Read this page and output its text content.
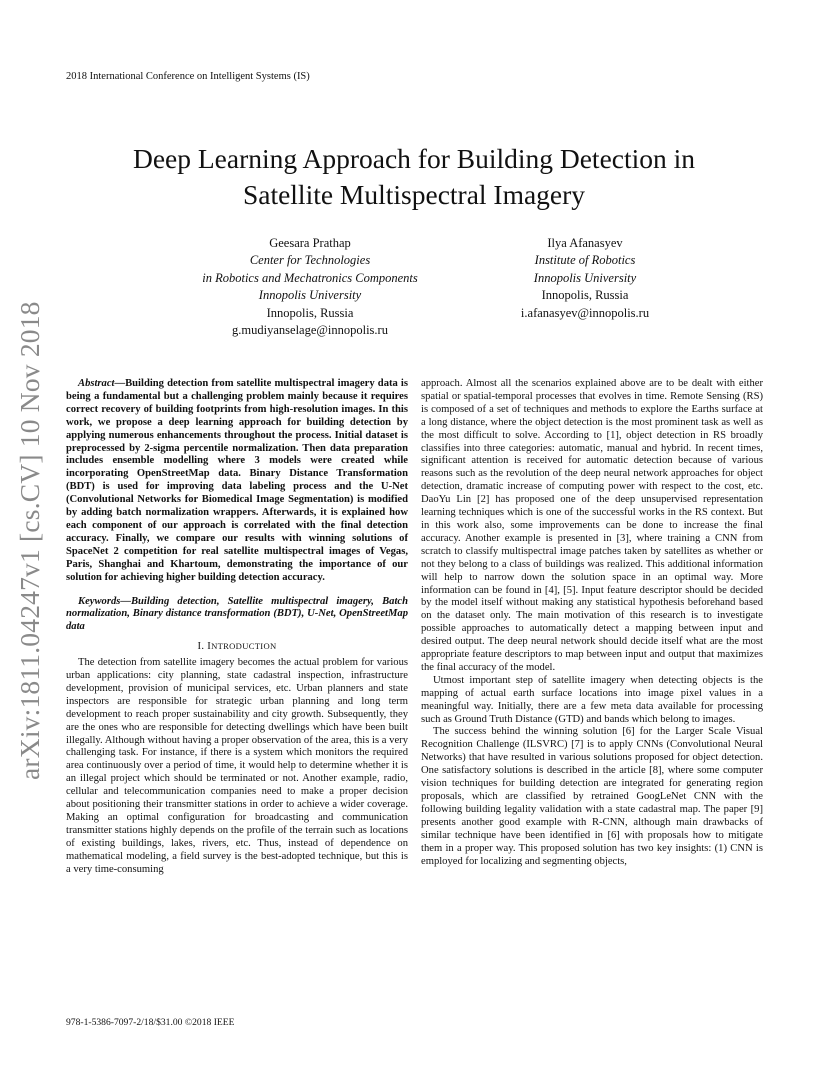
2018 International Conference on Intelligent Systems (IS)
Deep Learning Approach for Building Detection in
Satellite Multispectral Imagery
Geesara Prathap
Center for Technologies
in Robotics and Mechatronics Components
Innopolis University
Innopolis, Russia
g.mudiyanselage@innopolis.ru
Ilya Afanasyev
Institute of Robotics
Innopolis University
Innopolis, Russia
i.afanasyev@innopolis.ru
arXiv:1811.04247v1 [cs.CV] 10 Nov 2018	Abstract—Building detection from satellite multispectral imagery data is being a fundamental but a challenging problem mainly because it requires correct recovery of building footprints from high-resolution images. In this work, we propose a deep learning approach for building detection by applying numerous enhancements throughout the process. Initial dataset is preprocessed by 2-sigma percentile normalization. Then data preparation includes ensemble modelling where 3 models were created while incorporating OpenStreetMap data. Binary Distance Transformation (BDT) is used for improving data labeling process and the U-Net (Convolutional Networks for Biomedical Image Segmentation) is modified by adding batch normalization wrappers. Afterwards, it is explained how each component of our approach is correlated with the final detection accuracy. Finally, we compare our results with winning solutions of SpaceNet 2 competition for real satellite multispectral images of Vegas, Paris, Shanghai and Khartoum, demonstrating the importance of our solution for achieving higher building detection accuracy.

Keywords—Building detection, Satellite multispectral imagery, Batch normalization, Binary distance transformation (BDT), U-Net, OpenStreetMap data

I. INTRODUCTION

The detection from satellite imagery becomes the actual problem for various urban applications: city planning, state cadastral inspection, infrastructure development, provision of municipal services, etc. Urban planners and state inspectors are responsible for strategic urban planning and long term development to reach proper sustainability and city growth. Subsequently, they are the ones who are responsible for detecting dwellings which have been built illegally. Although without having a proper observation of the area, this is a very challenging task. For instance, if there is a system which monitors the required area continuously over a period of time, it would help to determine whether it is an illegal project which should be terminated or not. Another example, radio, cellular and telecommunication companies need to make a proper decision about positioning their transmitter stations in order to achieve a wider coverage. Making an optimal configuration for broadcasting and communication transmitter stations highly depends on the profile of the terrain such as locations of existing buildings, lakes, rivers, etc. Thus, instead of dependence on mathematical modeling, a field survey is the best-adopted technique, but this is a very time-consuming

approach. Almost all the scenarios explained above are to be dealt with either spatial or spatial-temporal processes that evolves in time. Remote Sensing (RS) is composed of a set of techniques and methods to explore the Earths surface at a long distance, where the object detection is the most prominent task as well as the most difficult to solve. According to [1], object detection in RS broadly classifies into three categories: automatic, manual and hybrid. In recent times, significant attention is received for automatic detection because of various reasons such as the revolution of the deep neural network approaches for object detection, dramatic increase of computing power with respect to the cost, etc. DaoYu Lin [2] has proposed one of the deep unsupervised representation learning techniques which is one of the successful works in the RS context. But in this work also, some improvements can be done to increase the final accuracy. Another example is presented in [3], where training a CNN from scratch to classify multispectral image patches taken by satellites as whether or not they belong to a class of buildings was realized. This additional information will help to narrow down the solution space in an optimal way. More information can be found in [4], [5]. Input feature descriptor should be decided by the model itself without making any statistical hypothesis beforehand based on the dataset only. The main motivation of this research is to investigate possible approaches to automatically detect a mapping between input and desired output. The deep neural network should decide itself what are the most appropriate feature descriptors to map between input and output that maximizes the final accuracy of the model.

Utmost important step of satellite imagery when detecting objects is the mapping of actual earth surface locations into image pixel values in a meaningful way. Initially, there are a few meta data available for processing such as Ground Truth Distance (GTD) and bands which belong to images.

The success behind the winning solution [6] for the Larger Scale Visual Recognition Challenge (ILSVRC) [7] is to apply CNNs (Convolutional Neural Networks) that have resulted in various solutions proposed for object detection. One satisfactory solutions is described in the article [8], where some computer vision techniques for building detection are integrated for generating region proposals, which are classified by retrained GoogLeNet CNN with the following building legality validation with a state cadastral map. The paper [9] presents another good example with R-CNN, although main drawbacks of similar technique have been identified in [6] with proposals how to mitigate them in a proper way. This proposed solution has two key insights: (1) CNN is employed for localizing and segmenting objects,

978-1-5386-7097-2/18/$31.00 ©2018 IEEE
